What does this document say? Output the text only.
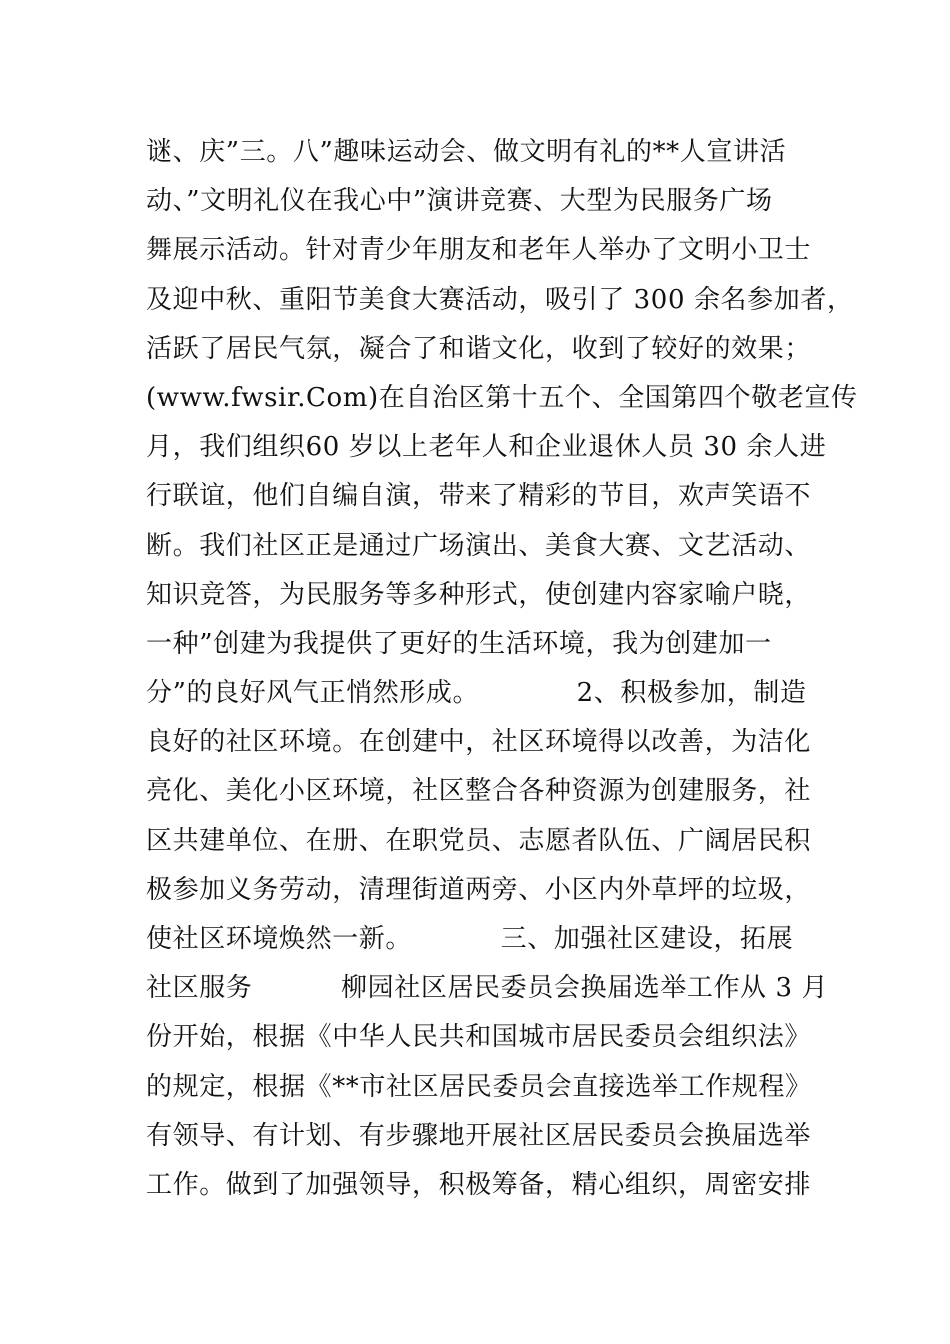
谜、庆”三。八”趣味运动会、做文明有礼的**人宣讲活
动、”文明礼仪在我心中”演讲竞赛、大型为民服务广场
舞展示活动。针对青少年朋友和老年人举办了文明小卫士
及迎中秋、重阳节美食大赛活动，吸引了 300 余名参加者，
活跃了居民气氛，凝合了和谐文化，收到了较好的效果；
(www.fwsir.Com)在自治区第十五个、全国第四个敬老宣传
月，我们组织60 岁以上老年人和企业退休人员 30 余人进
行联谊，他们自编自演，带来了精彩的节目，欢声笑语不
断。我们社区正是通过广场演出、美食大赛、文艺活动、
知识竞答，为民服务等多种形式，使创建内容家喻户晓，
一种”创建为我提供了更好的生活环境，我为创建加一
分”的良好风气正悄然形成。           2、积极参加，制造
良好的社区环境。在创建中，社区环境得以改善，为洁化
亮化、美化小区环境，社区整合各种资源为创建服务，社
区共建单位、在册、在职党员、志愿者队伍、广阔居民积
极参加义务劳动，清理街道两旁、小区内外草坪的垃圾，
使社区环境焕然一新。          三、加强社区建设，拓展
社区服务          柳园社区居民委员会换届选举工作从 3 月
份开始，根据《中华人民共和国城市居民委员会组织法》
的规定，根据《**市社区居民委员会直接选举工作规程》
有领导、有计划、有步骤地开展社区居民委员会换届选举
工作。做到了加强领导，积极筹备，精心组织，周密安排
